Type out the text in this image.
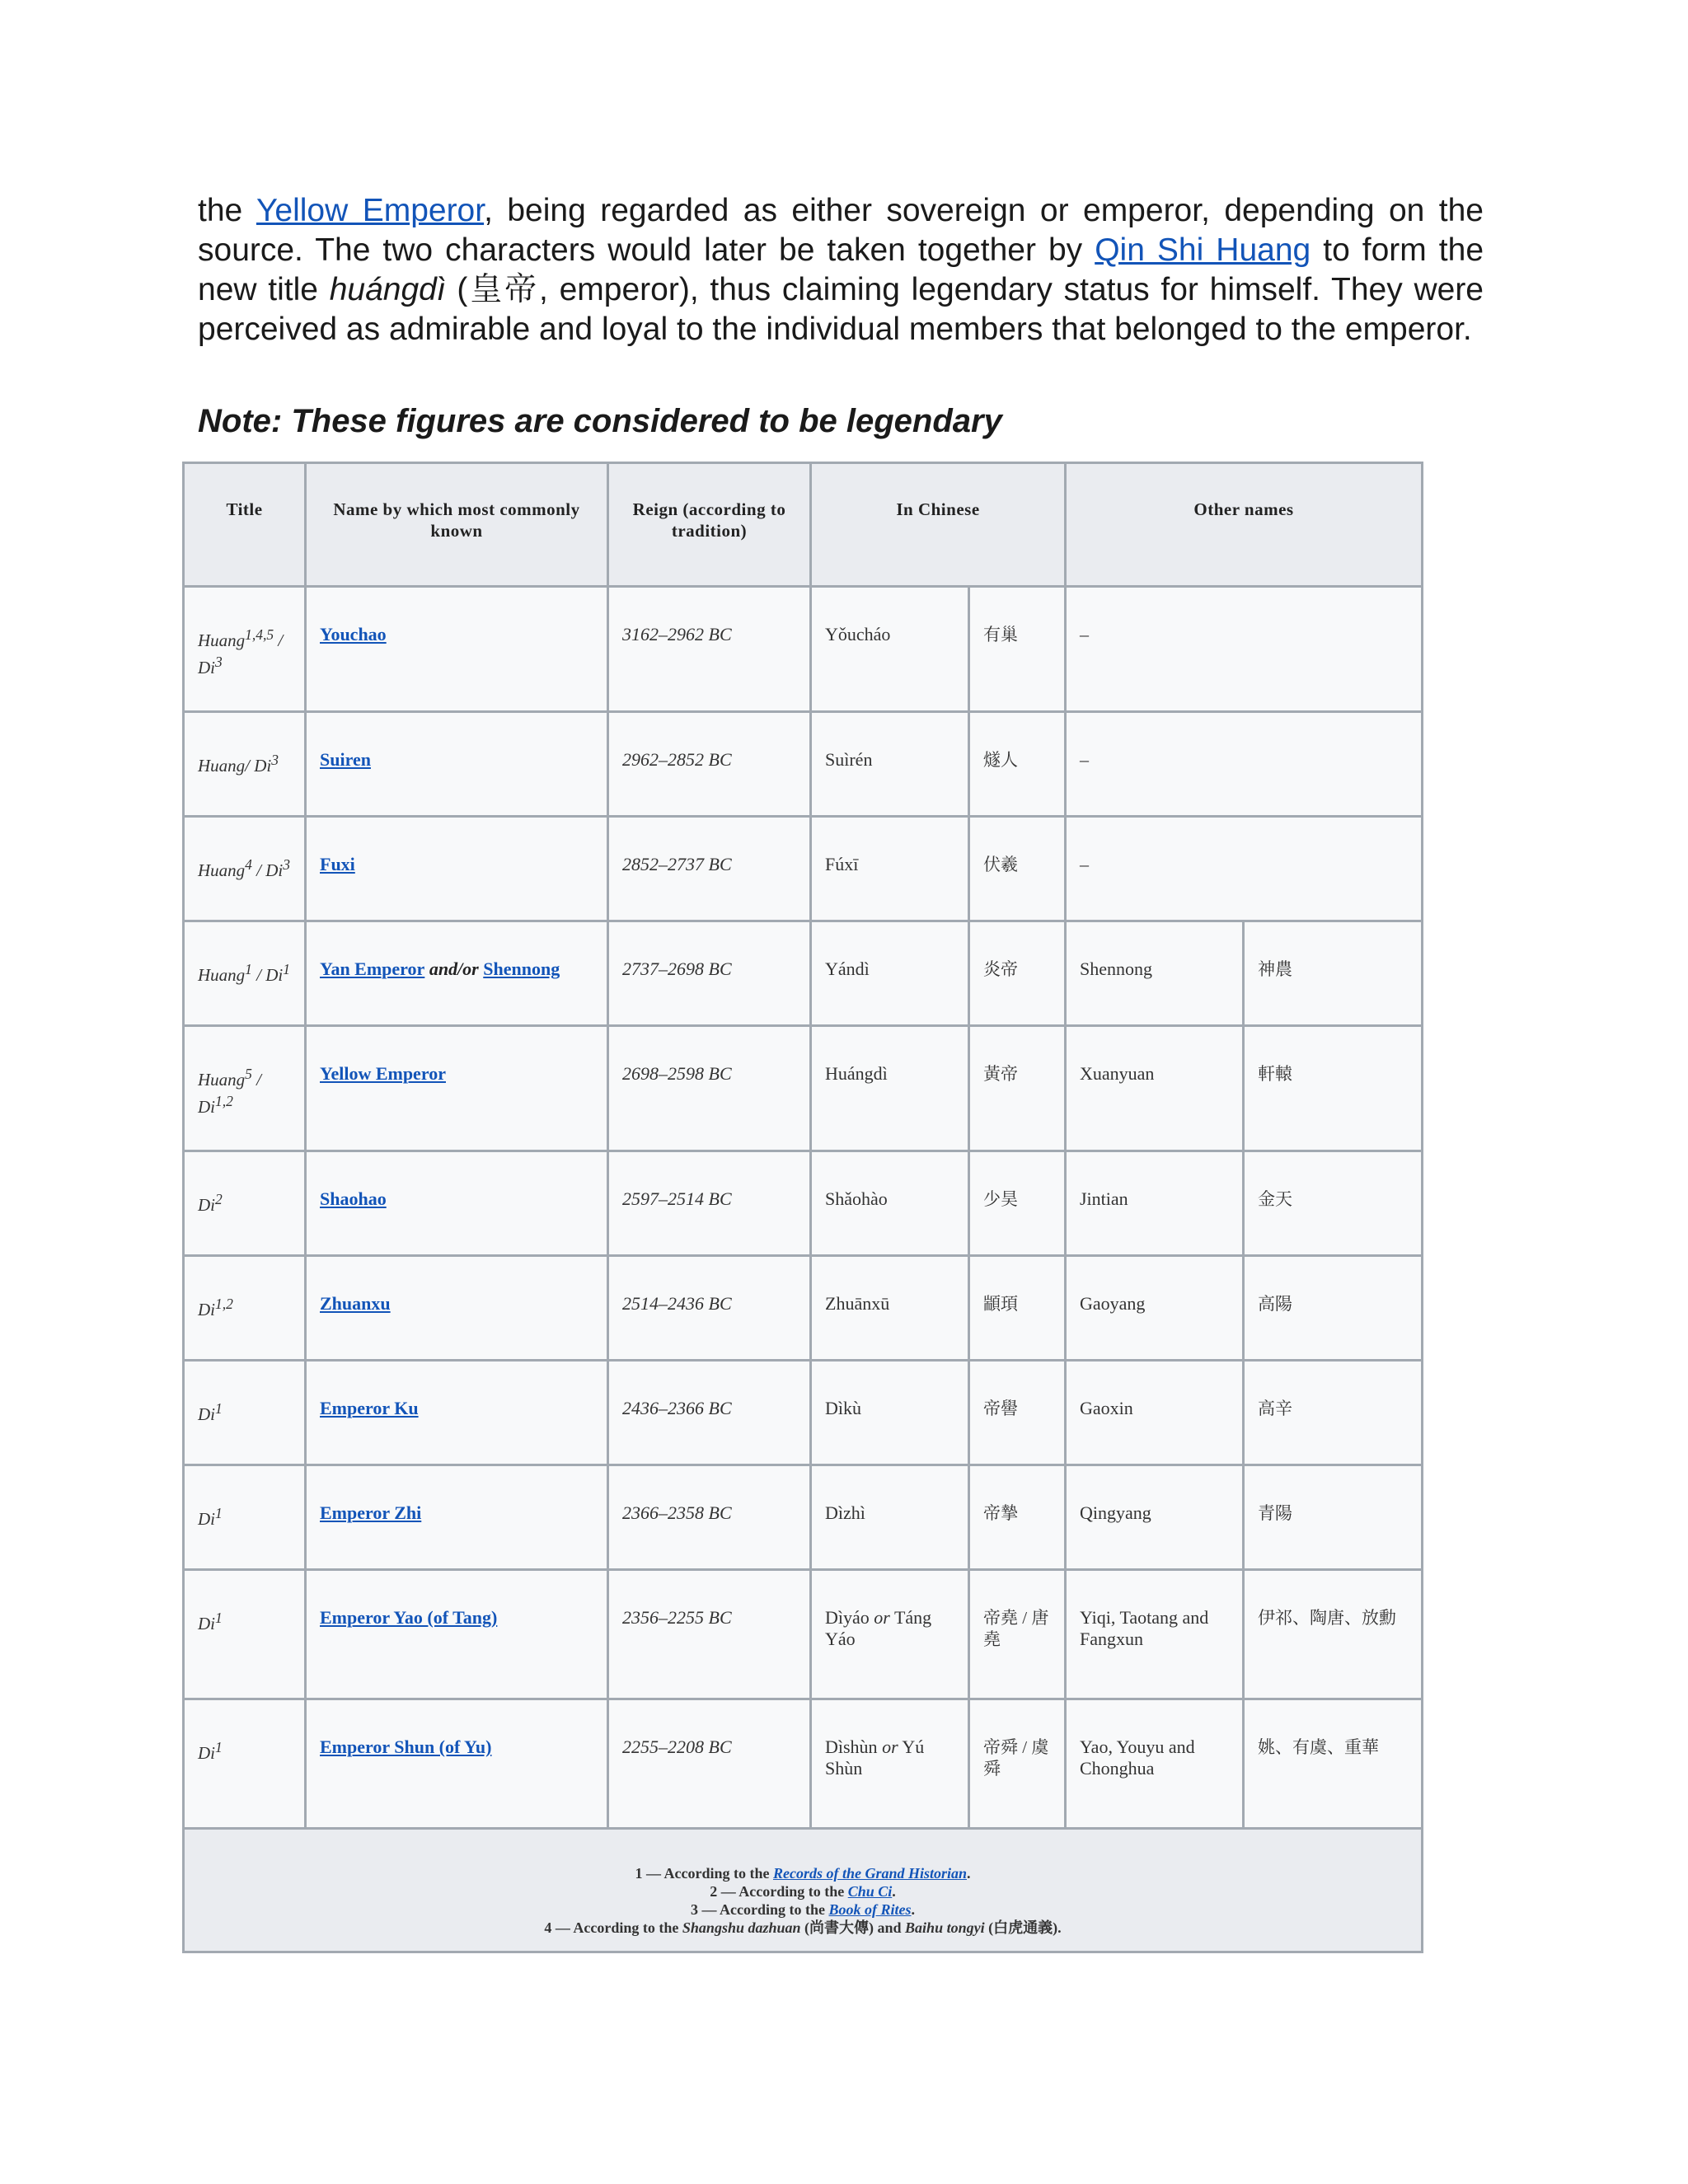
the Yellow Emperor, being regarded as either sovereign or emperor, depending on the source. The two characters would later be taken together by Qin Shi Huang to form the new title huángdì (皇帝, emperor), thus claiming legendary status for himself. They were perceived as admirable and loyal to the individual members that belonged to the emperor.
Note: These figures are considered to be legendary
Title	Name by which most commonly known	Reign (according to tradition)	In Chinese		Other names	
Huang$^{1,4,5}$ / Di$^3$	Youchao	3162–2962 BC	Yǒucháo	有巢	–	
Huang/ Di$^3$	Suiren	2962–2852 BC	Suìrén	燧人	–	
Huang$^4$ / Di$^3$	Fuxi	2852–2737 BC	Fúxī	伏羲	–	
Huang$^1$ / Di$^1$	Yan Emperor and/or Shennong	2737–2698 BC	Yándì	炎帝	Shennong	神農
Huang$^5$ / Di$^{1,2}$	Yellow Emperor	2698–2598 BC	Huángdì	黃帝	Xuanyuan	軒轅
Di$^2$	Shaohao	2597–2514 BC	Shǎohào	少昊	Jintian	金天
Di$^{1,2}$	Zhuanxu	2514–2436 BC	Zhuānxū	顓頊	Gaoyang	高陽
Di$^1$	Emperor Ku	2436–2366 BC	Dìkù	帝嚳	Gaoxin	高辛
Di$^1$	Emperor Zhi	2366–2358 BC	Dìzhì	帝摯	Qingyang	青陽
Di$^1$	Emperor Yao (of Tang)	2356–2255 BC	Dìyáo or Táng Yáo	帝堯 / 唐堯	Yiqi, Taotang and Fangxun	伊祁、陶唐、放勳
Di$^1$	Emperor Shun (of Yu)	2255–2208 BC	Dìshùn or Yú Shùn	帝舜 / 虞舜	Yao, Youyu and Chonghua	姚、有虞、重華

1 — According to the Records of the Grand Historian.
2 — According to the Chu Ci.
3 — According to the Book of Rites.
4 — According to the Shangshu dazhuan (尚書大傳) and Baihu tongyi (白虎通義).						
